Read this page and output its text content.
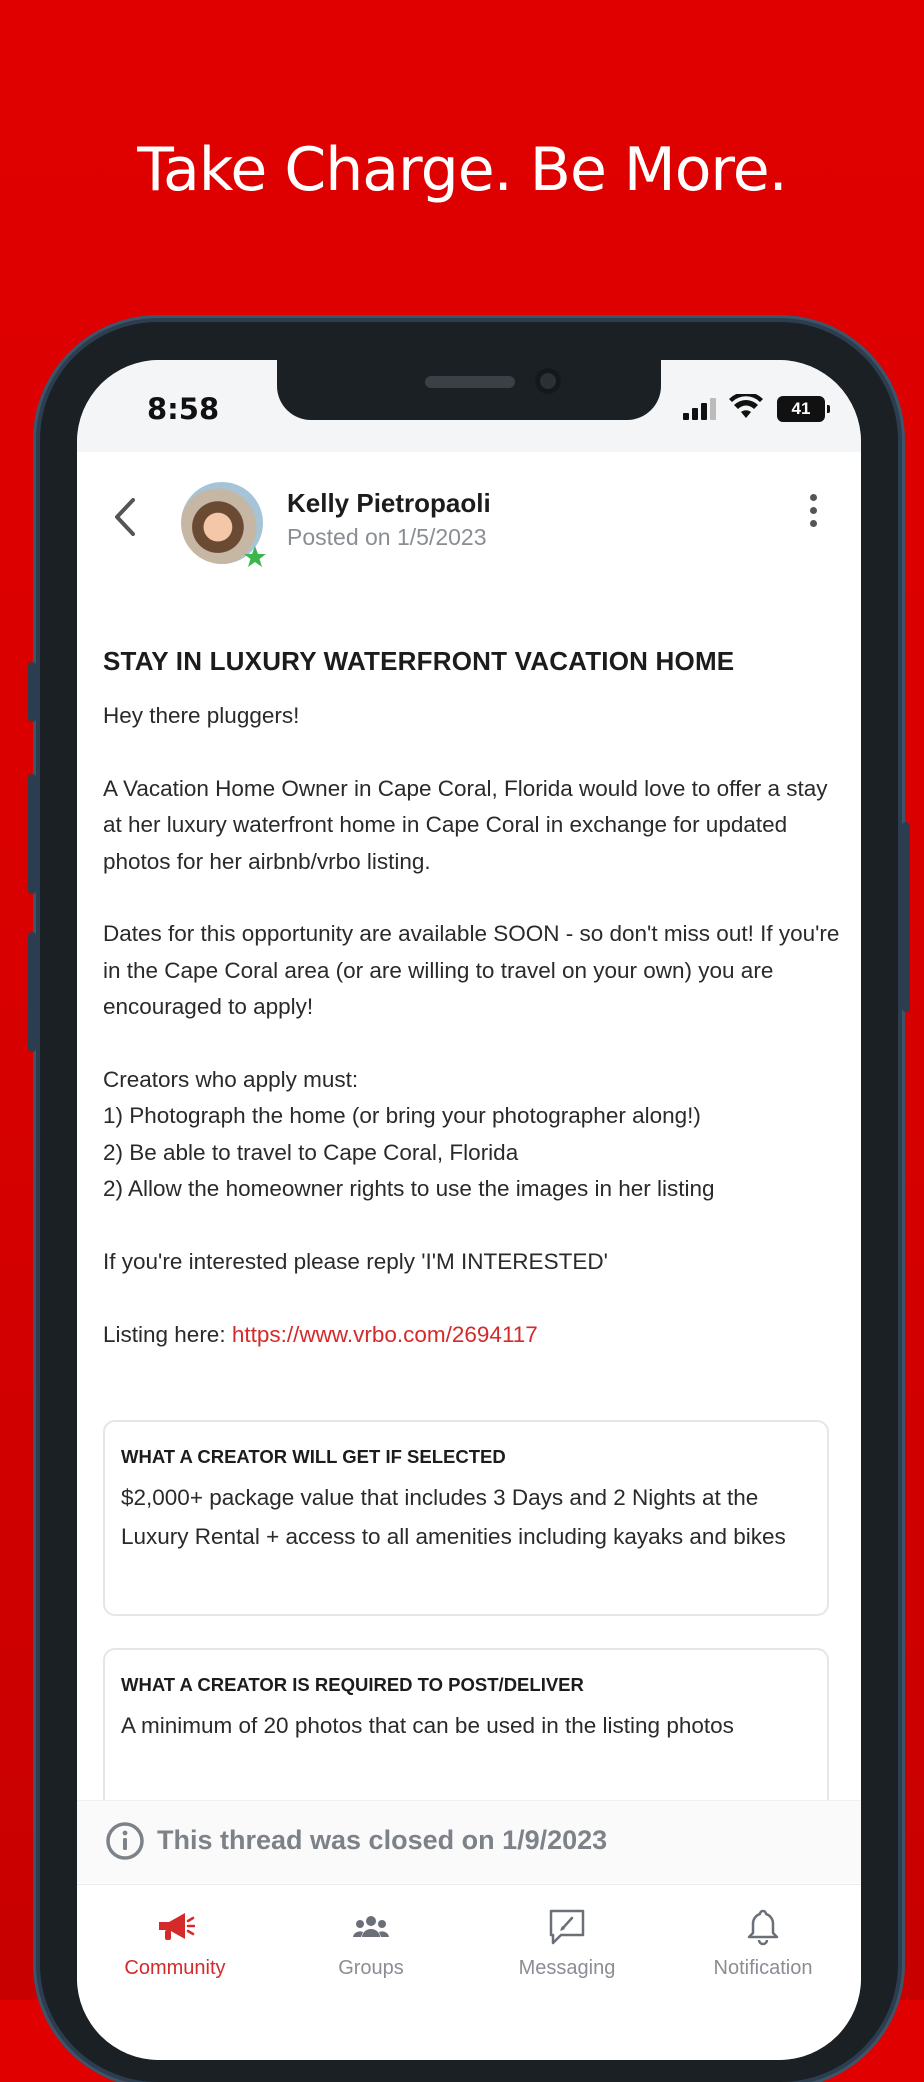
Take Charge. Be More.
8:58	41
Kelly Pietropaoli
Posted on 1/5/2023
STAY IN LUXURY WATERFRONT VACATION HOME

Hey there pluggers!

A Vacation Home Owner in Cape Coral, Florida would love to offer a stay at her luxury waterfront home in Cape Coral in exchange for updated photos for her airbnb/vrbo listing.

Dates for this opportunity are available SOON - so don't miss out! If you're in the Cape Coral area (or are willing to travel on your own) you are encouraged to apply!

Creators who apply must:

1) Photograph the home (or bring your photographer along!)

2) Be able to travel to Cape Coral, Florida

2) Allow the homeowner rights to use the images in her listing

If you're interested please reply 'I'M INTERESTED'

Listing here: https://www.vrbo.com/2694117

WHAT A CREATOR WILL GET IF SELECTED
$2,000+ package value that includes 3 Days and 2 Nights at the Luxury Rental + access to all amenities including kayaks and bikes
WHAT A CREATOR IS REQUIRED TO POST/DELIVER
A minimum of 20 photos that can be used in the listing photos
This thread was closed on 1/9/2023
Community	Groups	Messaging	Notification
